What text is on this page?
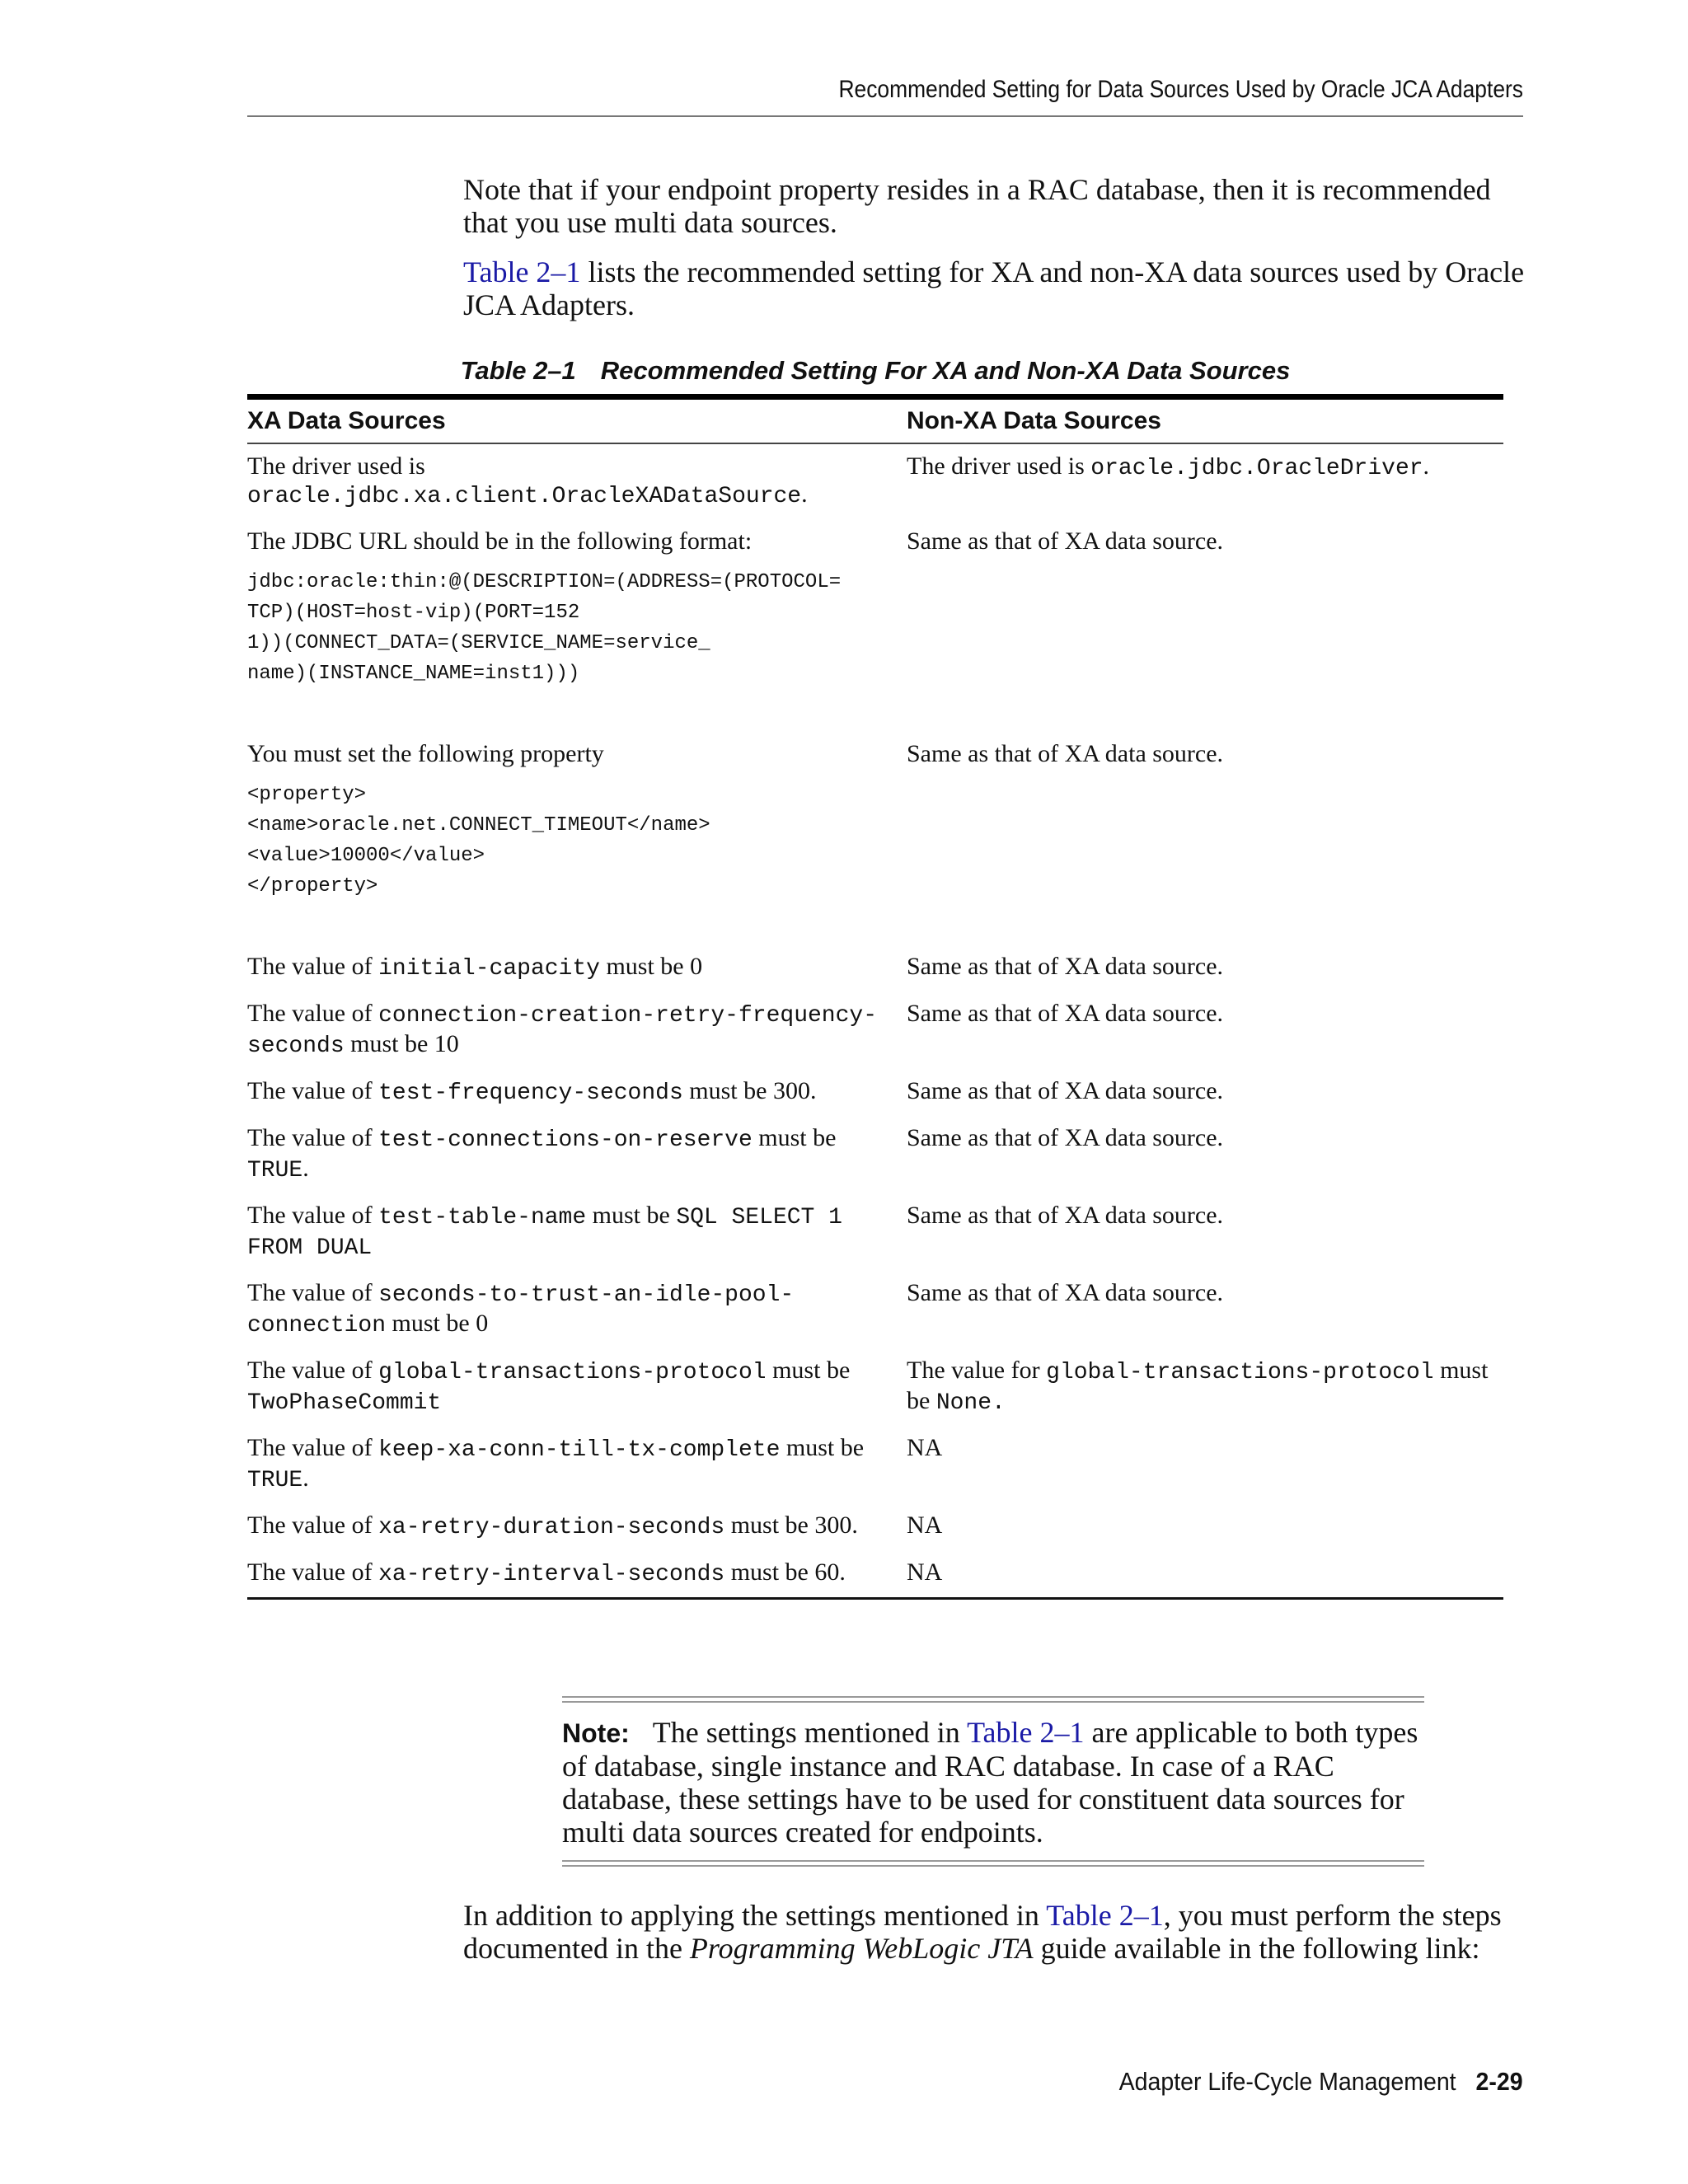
Recommended Setting for Data Sources Used by Oracle JCA Adapters

Note that if your endpoint property resides in a RAC database, then it is recommended that you use multi data sources.

Table 2–1 lists the recommended setting for XA and non-XA data sources used by Oracle JCA Adapters.

Table 2–1 Recommended Setting For XA and Non-XA Data Sources
XA Data Sources	Non-XA Data Sources
The driver used is oracle.jdbc.xa.client.OracleXADataSource.	The driver used is oracle.jdbc.OracleDriver.
The JDBC URL should be in the following format:
jdbc:oracle:thin:@(DESCRIPTION=(ADDRESS=(PROTOCOL=
TCP)(HOST=host-vip)(PORT=152
1))(CONNECT_DATA=(SERVICE_NAME=service_
name)(INSTANCE_NAME=inst1)))	Same as that of XA data source.
You must set the following property
<property>
<name>oracle.net.CONNECT_TIMEOUT</name>
<value>10000</value>
</property>	Same as that of XA data source.
The value of initial-capacity must be 0	Same as that of XA data source.
The value of connection-creation-retry-frequency-seconds must be 10	Same as that of XA data source.
The value of test-frequency-seconds must be 300.	Same as that of XA data source.
The value of test-connections-on-reserve must be TRUE.	Same as that of XA data source.
The value of test-table-name must be SQL SELECT 1 FROM DUAL	Same as that of XA data source.
The value of seconds-to-trust-an-idle-pool-connection must be 0	Same as that of XA data source.
The value of global-transactions-protocol must be TwoPhaseCommit	The value for global-transactions-protocol must be None.
The value of keep-xa-conn-till-tx-complete must be TRUE.	NA
The value of xa-retry-duration-seconds must be 300.	NA
The value of xa-retry-interval-seconds must be 60.	NA
Note: The settings mentioned in Table 2–1 are applicable to both types of database, single instance and RAC database. In case of a RAC database, these settings have to be used for constituent data sources for multi data sources created for endpoints.

In addition to applying the settings mentioned in Table 2–1, you must perform the steps documented in the Programming WebLogic JTA guide available in the following link:

Adapter Life-Cycle Management 2-29
